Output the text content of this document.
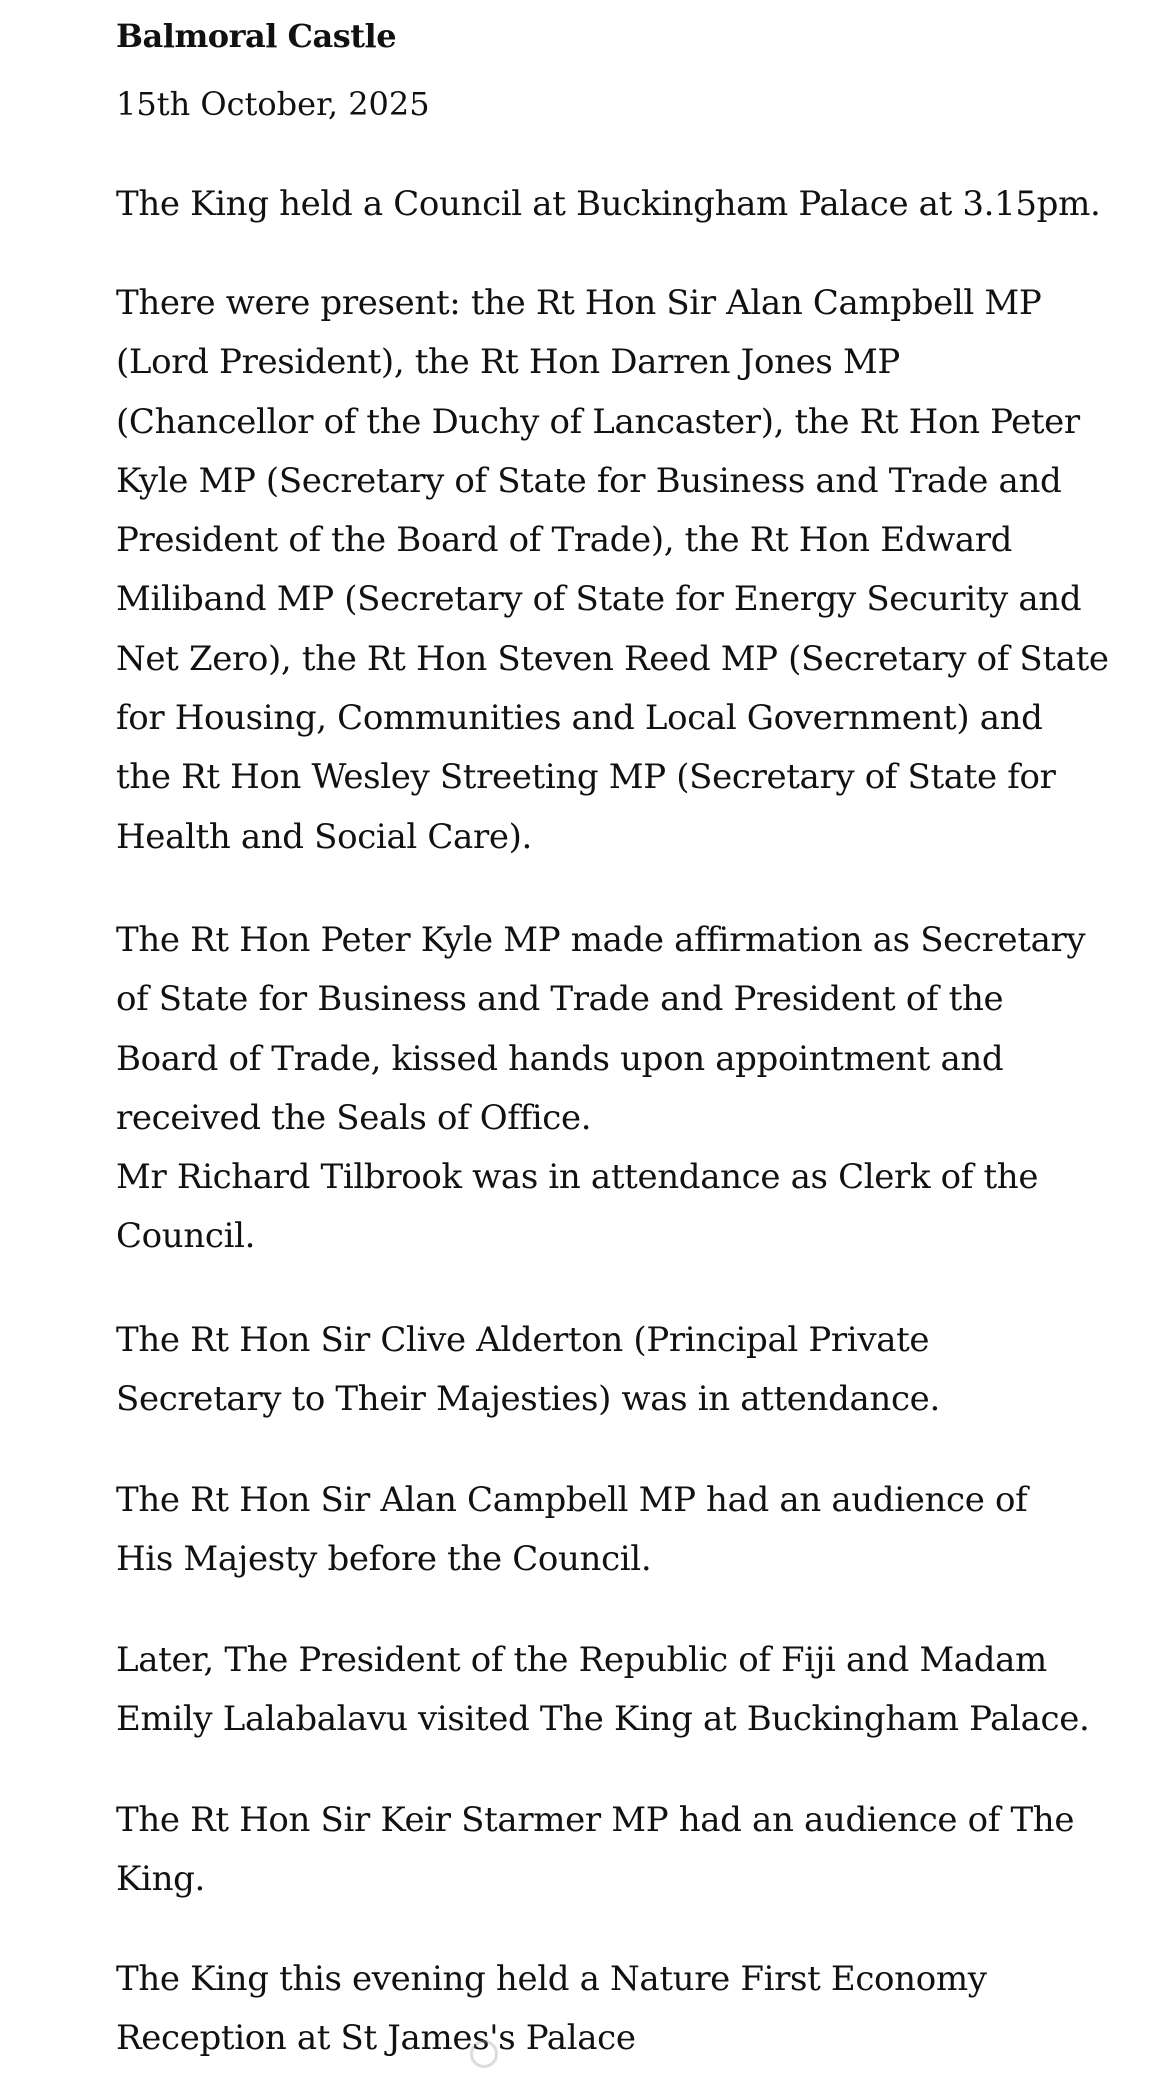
Balmoral Castle
15th October, 2025

The King held a Council at Buckingham Palace at 3.15pm.

There were present: the Rt Hon Sir Alan Campbell MP
(Lord President), the Rt Hon Darren Jones MP
(Chancellor of the Duchy of Lancaster), the Rt Hon Peter
Kyle MP (Secretary of State for Business and Trade and
President of the Board of Trade), the Rt Hon Edward
Miliband MP (Secretary of State for Energy Security and
Net Zero), the Rt Hon Steven Reed MP (Secretary of State
for Housing, Communities and Local Government) and
the Rt Hon Wesley Streeting MP (Secretary of State for
Health and Social Care).

The Rt Hon Peter Kyle MP made affirmation as Secretary
of State for Business and Trade and President of the
Board of Trade, kissed hands upon appointment and
received the Seals of Office.
Mr Richard Tilbrook was in attendance as Clerk of the
Council.

The Rt Hon Sir Clive Alderton (Principal Private
Secretary to Their Majesties) was in attendance.

The Rt Hon Sir Alan Campbell MP had an audience of
His Majesty before the Council.

Later, The President of the Republic of Fiji and Madam
Emily Lalabalavu visited The King at Buckingham Palace.

The Rt Hon Sir Keir Starmer MP had an audience of The
King.

The King this evening held a Nature First Economy
Reception at St James's Palace
